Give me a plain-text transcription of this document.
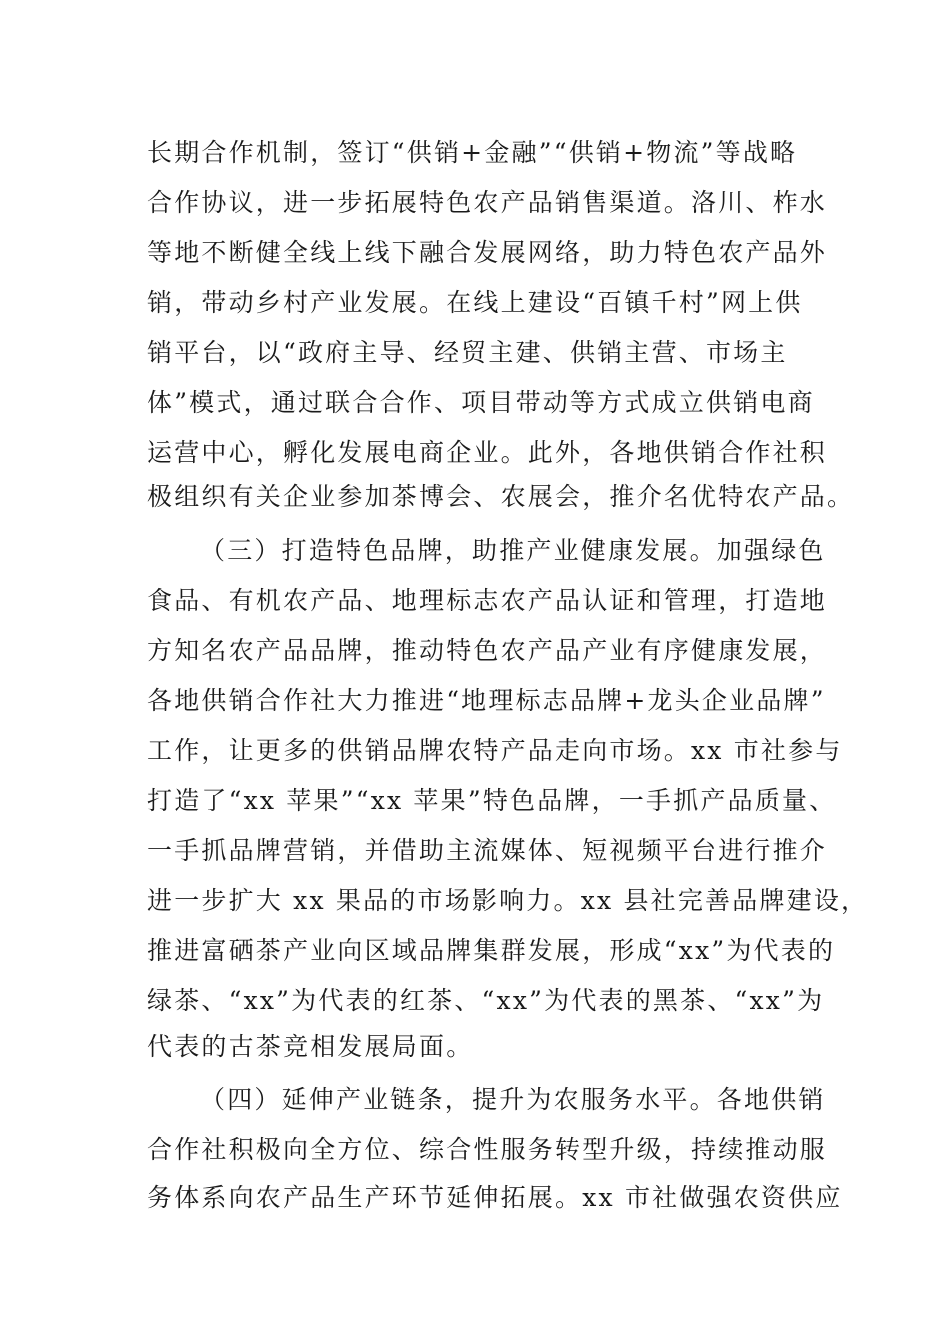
长期合作机制，签订“供销+金融”“供销+物流”等战略
合作协议，进一步拓展特色农产品销售渠道。洛川、柞水
等地不断健全线上线下融合发展网络，助力特色农产品外
销，带动乡村产业发展。在线上建设“百镇千村”网上供
销平台，以“政府主导、经贸主建、供销主营、市场主
体”模式，通过联合合作、项目带动等方式成立供销电商
运营中心，孵化发展电商企业。此外，各地供销合作社积
极组织有关企业参加茶博会、农展会，推介名优特农产品。
（三）打造特色品牌，助推产业健康发展。加强绿色
食品、有机农产品、地理标志农产品认证和管理，打造地
方知名农产品品牌，推动特色农产品产业有序健康发展，
各地供销合作社大力推进“地理标志品牌+龙头企业品牌”
工作，让更多的供销品牌农特产品走向市场。xx 市社参与
打造了“xx 苹果”“xx 苹果”特色品牌，一手抓产品质量、
一手抓品牌营销，并借助主流媒体、短视频平台进行推介
进一步扩大 xx 果品的市场影响力。xx 县社完善品牌建设，
推进富硒茶产业向区域品牌集群发展，形成“xx”为代表的
绿茶、“xx”为代表的红茶、“xx”为代表的黑茶、“xx”为
代表的古茶竞相发展局面。
（四）延伸产业链条，提升为农服务水平。各地供销
合作社积极向全方位、综合性服务转型升级，持续推动服
务体系向农产品生产环节延伸拓展。xx 市社做强农资供应
